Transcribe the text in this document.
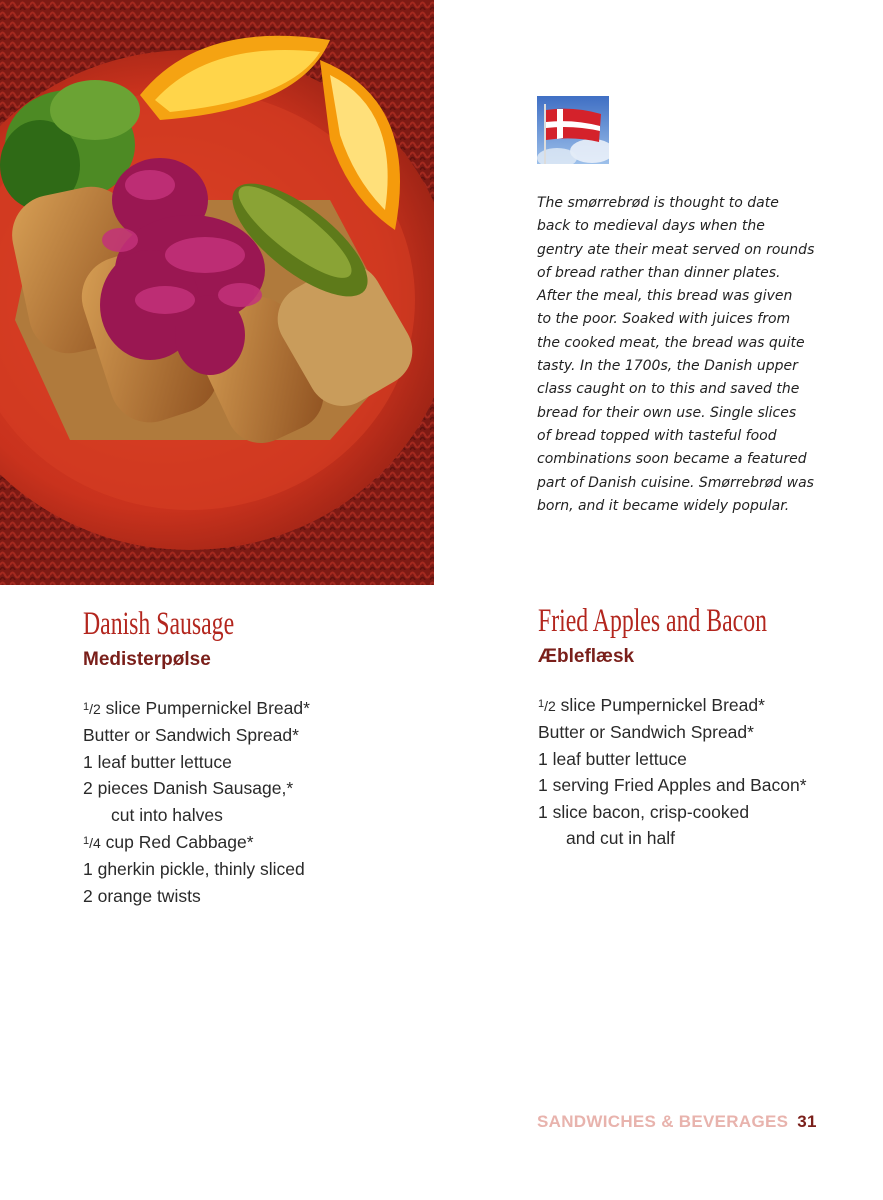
The smørrebrød is thought to date
back to medieval days when the
gentry ate their meat served on rounds
of bread rather than dinner plates.
After the meal, this bread was given
to the poor. Soaked with juices from
the cooked meat, the bread was quite
tasty. In the 1700s, the Danish upper
class caught on to this and saved the
bread for their own use. Single slices
of bread topped with tasteful food
combinations soon became a featured
part of Danish cuisine. Smørrebrød was
born, and it became widely popular.
Danish Sausage
Medisterpølse
$^1$/2 slice Pumpernickel Bread*
Butter or Sandwich Spread*
1 leaf butter lettuce
2 pieces Danish Sausage,*
cut into halves
$^1$/4 cup Red Cabbage*
1 gherkin pickle, thinly sliced
2 orange twists
Fried Apples and Bacon
Æbleflæsk
$^1$/2 slice Pumpernickel Bread*
Butter or Sandwich Spread*
1 leaf butter lettuce
1 serving Fried Apples and Bacon*
1 slice bacon, crisp-cooked
and cut in half
SANDWICHES & BEVERAGES 31
